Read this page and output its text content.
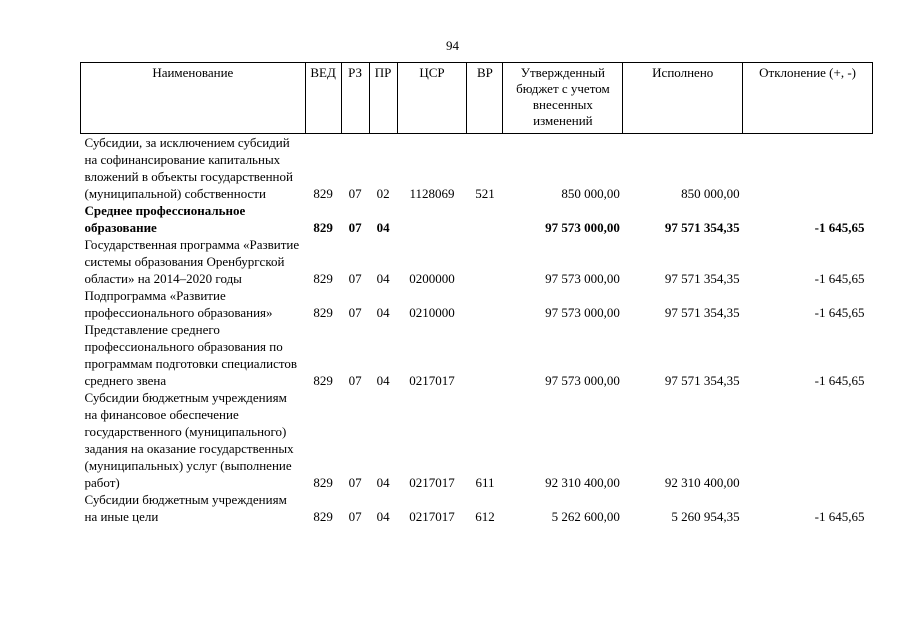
94
Наименование	ВЕД	РЗ	ПР	ЦСР	ВР	Утвержденный бюджет с учетом внесенных изменений	Исполнено	Отклонение (+, -)
Субсидии, за исключением субсидий на софинансирование капитальных вложений в объекты государственной (муниципальной) собственности	829	07	02	1128069	521	850 000,00	850 000,00	
Среднее профессиональное образование	829	07	04			97 573 000,00	97 571 354,35	-1 645,65
Государственная программа «Развитие системы образования Оренбургской области» на 2014–2020 годы	829	07	04	0200000		97 573 000,00	97 571 354,35	-1 645,65
Подпрограмма «Развитие профессионального образования»	829	07	04	0210000		97 573 000,00	97 571 354,35	-1 645,65
Представление среднего профессионального образования по программам подготовки специалистов среднего звена	829	07	04	0217017		97 573 000,00	97 571 354,35	-1 645,65
Субсидии бюджетным учреждениям на финансовое обеспечение государственного (муниципального) задания на оказание государственных (муниципальных) услуг (выполнение работ)	829	07	04	0217017	611	92 310 400,00	92 310 400,00	
Субсидии бюджетным учреждениям на иные цели	829	07	04	0217017	612	5 262 600,00	5 260 954,35	-1 645,65
